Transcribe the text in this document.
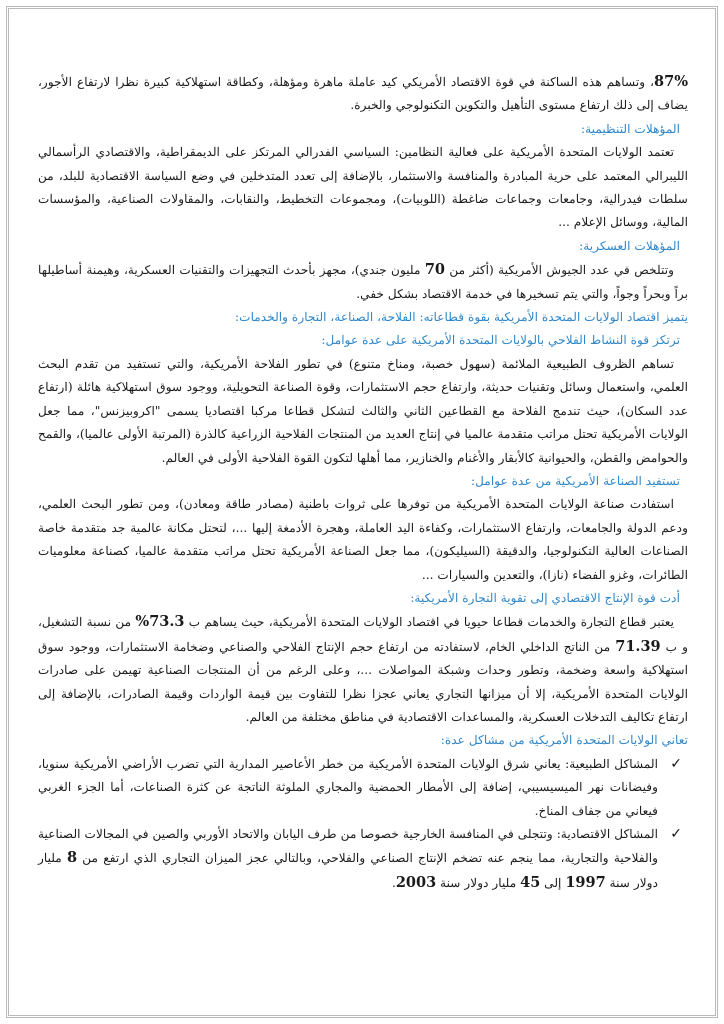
87%، وتساهم هذه الساكنة في قوة الاقتصاد الأمريكي كيد عاملة ماهرة ومؤهلة، وكطاقة استهلاكية كبيرة نظرا لارتفاع الأجور، يضاف إلى ذلك ارتفاع مستوى التأهيل والتكوين التكنولوجي والخبرة.

المؤهلات التنظيمية:

تعتمد الولايات المتحدة الأمريكية على فعالية النظامين: السياسي الفدرالي المرتكز على الديمقراطية، والاقتصادي الرأسمالي الليبرالي المعتمد على حرية المبادرة والمنافسة والاستثمار، بالإضافة إلى تعدد المتدخلين في وضع السياسة الاقتصادية للبلد، من سلطات فيدرالية، وجامعات وجماعات ضاغطة (اللوبيات)، ومجموعات التخطيط، والنقابات، والمقاولات الصناعية، والمؤسسات المالية، ووسائل الإعلام ...

المؤهلات العسكرية:

وتتلخص في عدد الجيوش الأمريكية (أكثر من 70 مليون جندي)، مجهز بأحدث التجهيزات والتقنيات العسكرية، وهيمنة أساطيلها براً وبحراً وجواً، والتي يتم تسخيرها في خدمة الاقتصاد بشكل خفي.

يتميز اقتصاد الولايات المتحدة الأمريكية بقوة قطاعاته: الفلاحة، الصناعة، التجارة والخدمات:

ترتكز قوة النشاط الفلاحي بالولايات المتحدة الأمريكية على عدة عوامل:

تساهم الظروف الطبيعية الملائمة (سهول خصبة، ومناخ متنوع) في تطور الفلاحة الأمريكية، والتي تستفيد من تقدم البحث العلمي، واستعمال وسائل وتقنيات حديثة، وارتفاع حجم الاستثمارات، وقوة الصناعة التحويلية، ووجود سوق استهلاكية هائلة (ارتفاع عدد السكان)، حيث تندمج الفلاحة مع القطاعين الثاني والثالث لتشكل قطاعا مركبا اقتصاديا يسمى "اكروبيزنس"، مما جعل الولايات الأمريكية تحتل مراتب متقدمة عالميا في إنتاج العديد من المنتجات الفلاحية الزراعية كالذرة (المرتبة الأولى عالميا)، والقمح والحوامض والقطن، والحيوانية كالأبقار والأغنام والخنازير، مما أهلها لتكون القوة الفلاحية الأولى في العالم.

تستفيد الصناعة الأمريكية من عدة عوامل:

استفادت صناعة الولايات المتحدة الأمريكية من توفرها على ثروات باطنية (مصادر طاقة ومعادن)، ومن تطور البحث العلمي، ودعم الدولة والجامعات، وارتفاع الاستثمارات، وكفاءة اليد العاملة، وهجرة الأدمغة إليها ...، لتحتل مكانة عالمية جد متقدمة خاصة الصناعات العالية التكنولوجيا، والدقيقة (السيليكون)، مما جعل الصناعة الأمريكية تحتل مراتب متقدمة عالميا، كصناعة معلوميات الطائرات، وغزو الفضاء (نازا)، والتعدين والسيارات ...

أدت قوة الإنتاج الاقتصادي إلى تقوية التجارة الأمريكية:

يعتبر قطاع التجارة والخدمات قطاعا حيويا في اقتصاد الولايات المتحدة الأمريكية، حيث يساهم ب 73.3% من نسبة التشغيل، و ب 71.39 من الناتج الداخلي الخام، لاستفادته من ارتفاع حجم الإنتاج الفلاحي والصناعي وضخامة الاستثمارات، ووجود سوق استهلاكية واسعة وضخمة، وتطور وحدات وشبكة المواصلات ...، وعلى الرغم من أن المنتجات الصناعية تهيمن على صادرات الولايات المتحدة الأمريكية، إلا أن ميزانها التجاري يعاني عجزا نظرا للتفاوت بين قيمة الواردات وقيمة الصادرات، بالإضافة إلى ارتفاع تكاليف التدخلات العسكرية، والمساعدات الاقتصادية في مناطق مختلفة من العالم.

تعاني الولايات المتحدة الأمريكية من مشاكل عدة:

✓
المشاكل الطبيعية: يعاني شرق الولايات المتحدة الأمريكية من خطر الأعاصير المدارية التي تضرب الأراضي الأمريكية سنويا، وفيضانات نهر الميسيسيبي، إضافة إلى الأمطار الحمضية والمجاري الملوثة الناتجة عن كثرة الصناعات، أما الجزء الغربي فيعاني من جفاف المناخ.
✓
المشاكل الاقتصادية: وتتجلى في المنافسة الخارجية خصوصا من طرف اليابان والاتحاد الأوربي والصين في المجالات الصناعية والفلاحية والتجارية، مما ينجم عنه تضخم الإنتاج الصناعي والفلاحي، وبالتالي عجز الميزان التجاري الذي ارتفع من 8 مليار دولار سنة 1997 إلى 45 مليار دولار سنة 2003.
